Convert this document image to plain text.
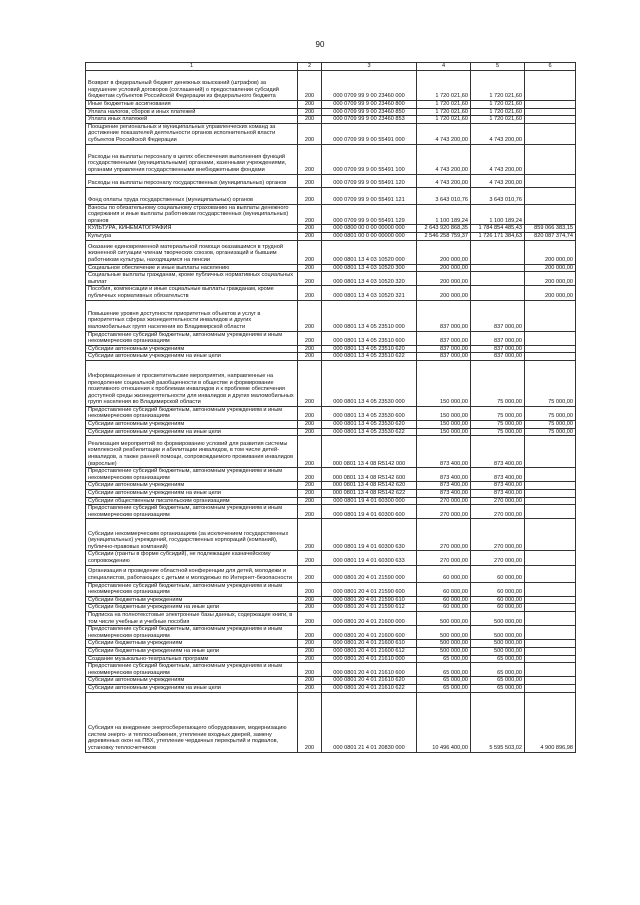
90
1	2	3	4	5	6
Возврат в федеральный бюджет денежных взысканий (штрафов) за нарушение условий договоров (соглашений) о предоставлении субсидий бюджетам субъектов Российской Федерации из федерального бюджета	200	000 0709 99 9 00 23460 000	1 720 021,60	1 720 021,60	
Иные бюджетные ассигнования	200	000 0709 99 9 00 23460 800	1 720 021,60	1 720 021,60	
Уплата налогов, сборов и иных платежей	200	000 0709 99 9 00 23460 850	1 720 021,60	1 720 021,60	
Уплата иных платежей	200	000 0709 99 9 00 23460 853	1 720 021,60	1 720 021,60	
Поощрение региональных и муниципальных управленческих команд за достижение показателей деятельности органов исполнительной власти субъектов Российской Федерации	200	000 0709 99 9 00 55491 000	4 743 200,00	4 743 200,00	
Расходы на выплаты персоналу в целях обеспечения выполнения функций государственными (муниципальными) органами, казенными учреждениями, органами управления государственными внебюджетными фондами	200	000 0709 99 9 00 55491 100	4 743 200,00	4 743 200,00	
Расходы на выплаты персоналу государственных (муниципальных) органов	200	000 0709 99 9 00 55491 120	4 743 200,00	4 743 200,00	
Фонд оплаты труда государственных (муниципальных) органов	200	000 0709 99 9 00 55491 121	3 643 010,76	3 643 010,76	
Взносы по обязательному социальному страхованию на выплаты денежного содержания и иные выплаты работникам государственных (муниципальных) органов	200	000 0709 99 9 00 55491 129	1 100 189,24	1 100 189,24	
КУЛЬТУРА, КИНЕМАТОГРАФИЯ	200	000 0800 00 0 00 00000 000	2 643 920 868,35	1 784 854 485,43	859 066 383,15
Культура	200	000 0801 00 0 00 00000 000	2 546 258 759,37	1 726 171 384,63	820 087 374,74
Оказание единовременной материальной помощи оказавшимся в трудной жизненной ситуации членам творческих союзов, организаций и бывшим работникам культуры, находящимся на пенсии	200	000 0801 13 4 03 10520 000	200 000,00		200 000,00
Социальное обеспечение и иные выплаты населению	200	000 0801 13 4 03 10520 300	200 000,00		200 000,00
Социальные выплаты гражданам, кроме публичных нормативных социальных выплат	200	000 0801 13 4 03 10520 320	200 000,00		200 000,00
Пособия, компенсации и иные социальные выплаты гражданам, кроме публичных нормативных обязательств	200	000 0801 13 4 03 10520 321	200 000,00		200 000,00
Повышение уровня доступности приоритетных объектов и услуг в приоритетных сферах жизнедеятельности инвалидов и других маломобильных групп населения во Владимирской области	200	000 0801 13 4 05 23510 000	837 000,00	837 000,00	
Предоставление субсидий бюджетным, автономным учреждениям и иным некоммерческим организациям	200	000 0801 13 4 05 23510 600	837 000,00	837 000,00	
Субсидии автономным учреждениям	200	000 0801 13 4 05 23510 620	837 000,00	837 000,00	
Субсидии автономным учреждениям на иные цели	200	000 0801 13 4 05 23510 622	837 000,00	837 000,00	
Информационные и просветительские мероприятия, направленные на преодоление социальной разобщенности в обществе и формирование позитивного отношения к проблемам инвалидов и к проблеме обеспечения доступной среды жизнедеятельности для инвалидов и других маломобильных групп населения во Владимирской области	200	000 0801 13 4 05 23530 000	150 000,00	75 000,00	75 000,00
Предоставление субсидий бюджетным, автономным учреждениям и иным некоммерческим организациям	200	000 0801 13 4 05 23530 600	150 000,00	75 000,00	75 000,00
Субсидии автономным учреждениям	200	000 0801 13 4 05 23530 620	150 000,00	75 000,00	75 000,00
Субсидии автономным учреждениям на иные цели	200	000 0801 13 4 05 23530 622	150 000,00	75 000,00	75 000,00
Реализация мероприятий по формированию условий для развития системы комплексной реабилитации и абилитации инвалидов, в том числе детей-инвалидов, а также ранней помощи, сопровождаемого проживания инвалидов (взрослые)	200	000 0801 13 4 08 R5142 000	873 400,00	873 400,00	
Предоставление субсидий бюджетным, автономным учреждениям и иным некоммерческим организациям	200	000 0801 13 4 08 R5142 600	873 400,00	873 400,00	
Субсидии автономным учреждениям	200	000 0801 13 4 08 R5142 620	873 400,00	873 400,00	
Субсидии автономным учреждениям на иные цели	200	000 0801 13 4 08 R5142 622	873 400,00	873 400,00	
Субсидии общественным писательским организациям	200	000 0801 19 4 01 60300 000	270 000,00	270 000,00	
Предоставление субсидий бюджетным, автономным учреждениям и иным некоммерческим организациям	200	000 0801 19 4 01 60300 600	270 000,00	270 000,00	
Субсидии некоммерческим организациям (за исключением государственных (муниципальных) учреждений, государственных корпораций (компаний), публично-правовых компаний)	200	000 0801 19 4 01 60300 630	270 000,00	270 000,00	
Субсидии (гранты в форме субсидий), не подлежащие казначейскому сопровождению	200	000 0801 19 4 01 60300 633	270 000,00	270 000,00	
Организация и проведение областной конференции для детей, молодежи и специалистов, работающих с детьми и молодежью по Интернет-безопасности	200	000 0801 20 4 01 21590 000	60 000,00	60 000,00	
Предоставление субсидий бюджетным, автономным учреждениям и иным некоммерческим организациям	200	000 0801 20 4 01 21590 600	60 000,00	60 000,00	
Субсидии бюджетным учреждениям	200	000 0801 20 4 01 21590 610	60 000,00	60 000,00	
Субсидии бюджетным учреждениям на иные цели	200	000 0801 20 4 01 21590 612	60 000,00	60 000,00	
Подписка на полнотекстовые электронные базы данных, содержащие книги, в том числе учебные и учебные пособия	200	000 0801 20 4 01 21600 000	500 000,00	500 000,00	
Предоставление субсидий бюджетным, автономным учреждениям и иным некоммерческим организациям	200	000 0801 20 4 01 21600 600	500 000,00	500 000,00	
Субсидии бюджетным учреждениям	200	000 0801 20 4 01 21600 610	500 000,00	500 000,00	
Субсидии бюджетным учреждениям на иные цели	200	000 0801 20 4 01 21600 612	500 000,00	500 000,00	
Создание музыкально-театральных программ	200	000 0801 20 4 01 21610 000	65 000,00	65 000,00	
Предоставление субсидий бюджетным, автономным учреждениям и иным некоммерческим организациям	200	000 0801 20 4 01 21610 600	65 000,00	65 000,00	
Субсидии автономным учреждениям	200	000 0801 20 4 01 21610 620	65 000,00	65 000,00	
Субсидии автономным учреждениям на иные цели	200	000 0801 20 4 01 21610 622	65 000,00	65 000,00	
Субсидия на внедрение энергосберегающего оборудования, модернизацию систем энерго- и теплоснабжения, утепление входных дверей, замену деревянных окон на ПВХ, утепление чердачных перекрытий и подвалов, установку теплосчетчиков	200	000 0801 21 4 01 20830 000	10 496 400,00	5 595 503,02	4 900 896,98
